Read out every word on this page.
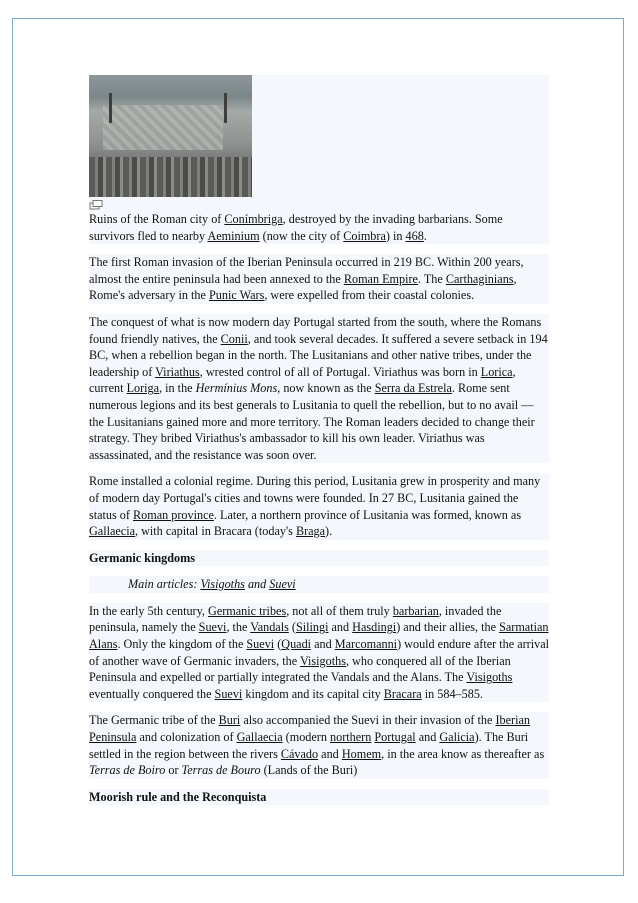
Ruins of the Roman city of Conímbriga, destroyed by the invading barbarians. Some survivors fled to nearby Aeminium (now the city of Coimbra) in 468.

The first Roman invasion of the Iberian Peninsula occurred in 219 BC. Within 200 years, almost the entire peninsula had been annexed to the Roman Empire. The Carthaginians, Rome's adversary in the Punic Wars, were expelled from their coastal colonies.

The conquest of what is now modern day Portugal started from the south, where the Romans found friendly natives, the Conii, and took several decades. It suffered a severe setback in 194 BC, when a rebellion began in the north. The Lusitanians and other native tribes, under the leadership of Viriathus, wrested control of all of Portugal. Viriathus was born in Lorica, current Loriga, in the Hermínius Mons, now known as the Serra da Estrela. Rome sent numerous legions and its best generals to Lusitania to quell the rebellion, but to no avail — the Lusitanians gained more and more territory. The Roman leaders decided to change their strategy. They bribed Viriathus's ambassador to kill his own leader. Viriathus was assassinated, and the resistance was soon over.

Rome installed a colonial regime. During this period, Lusitania grew in prosperity and many of modern day Portugal's cities and towns were founded. In 27 BC, Lusitania gained the status of Roman province. Later, a northern province of Lusitania was formed, known as Gallaecia, with capital in Bracara (today's Braga).

Germanic kingdoms
Main articles: Visigoths and Suevi

In the early 5th century, Germanic tribes, not all of them truly barbarian, invaded the peninsula, namely the Suevi, the Vandals (Silingi and Hasdingi) and their allies, the Sarmatian Alans. Only the kingdom of the Suevi (Quadi and Marcomanni) would endure after the arrival of another wave of Germanic invaders, the Visigoths, who conquered all of the Iberian Peninsula and expelled or partially integrated the Vandals and the Alans. The Visigoths eventually conquered the Suevi kingdom and its capital city Bracara in 584–585.

The Germanic tribe of the Buri also accompanied the Suevi in their invasion of the Iberian Peninsula and colonization of Gallaecia (modern northern Portugal and Galicia). The Buri settled in the region between the rivers Cávado and Homem, in the area know as thereafter as Terras de Boiro or Terras de Bouro (Lands of the Buri)

Moorish rule and the Reconquista
